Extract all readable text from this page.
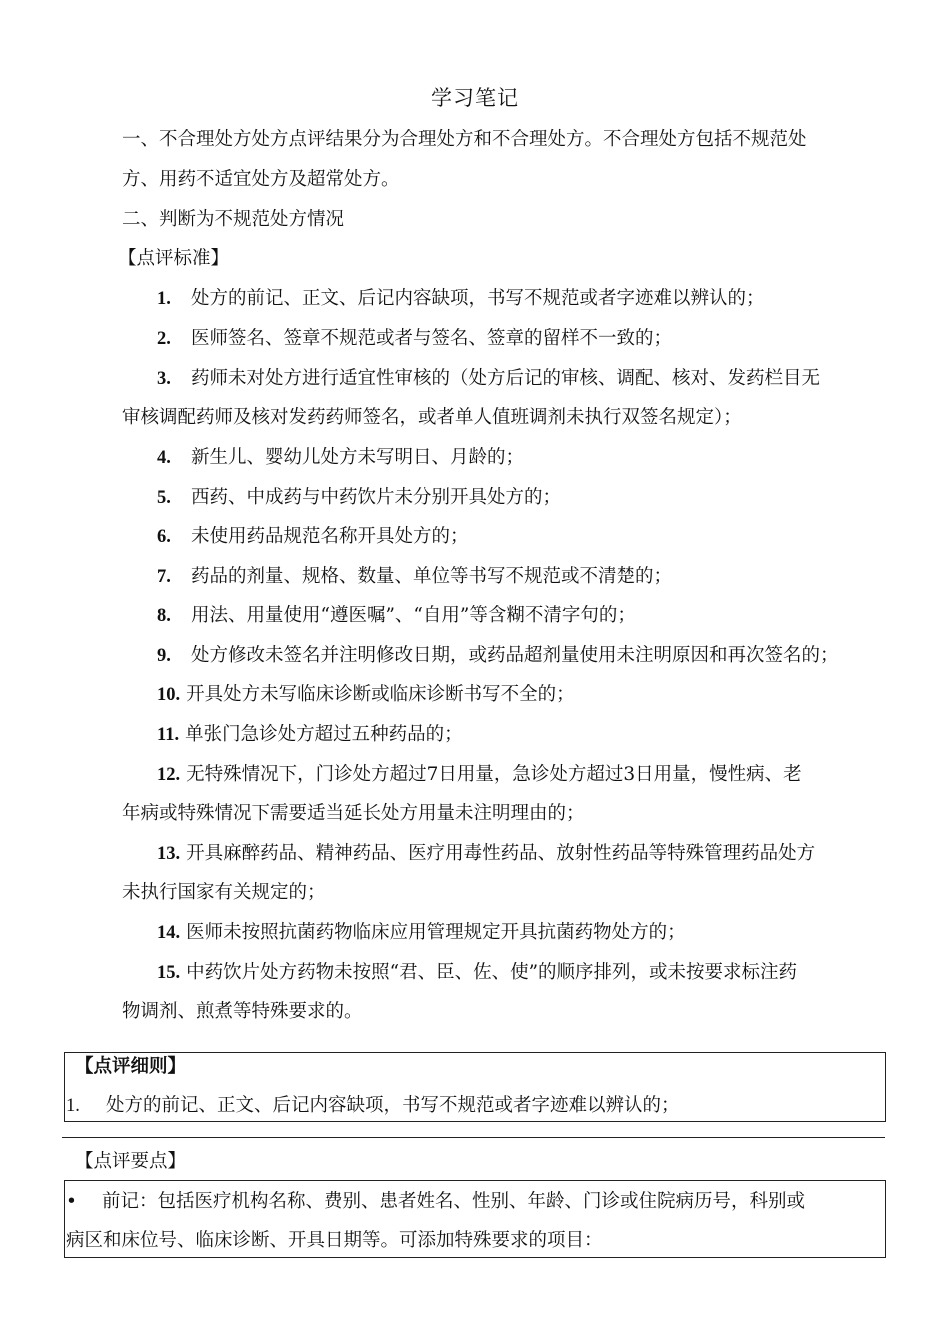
学习笔记
一、不合理处方处方点评结果分为合理处方和不合理处方。不合理处方包括不规范处
方、用药不适宜处方及超常处方。
二、判断为不规范处方情况
【点评标准】
1. 处方的前记、正文、后记内容缺项，书写不规范或者字迹难以辨认的；
2. 医师签名、签章不规范或者与签名、签章的留样不一致的；
3. 药师未对处方进行适宜性审核的（处方后记的审核、调配、核对、发药栏目无
审核调配药师及核对发药药师签名，或者单人值班调剂未执行双签名规定）；
4. 新生儿、婴幼儿处方未写明日、月龄的；
5. 西药、中成药与中药饮片未分别开具处方的；
6. 未使用药品规范名称开具处方的；
7. 药品的剂量、规格、数量、单位等书写不规范或不清楚的；
8. 用法、用量使用“遵医嘱”、“自用”等含糊不清字句的；
9. 处方修改未签名并注明修改日期，或药品超剂量使用未注明原因和再次签名的；
10. 开具处方未写临床诊断或临床诊断书写不全的；
11. 单张门急诊处方超过五种药品的；
12. 无特殊情况下，门诊处方超过7日用量，急诊处方超过3日用量，慢性病、老
年病或特殊情况下需要适当延长处方用量未注明理由的；
13. 开具麻醉药品、精神药品、医疗用毒性药品、放射性药品等特殊管理药品处方
未执行国家有关规定的；
14. 医师未按照抗菌药物临床应用管理规定开具抗菌药物处方的；
15. 中药饮片处方药物未按照“君、臣、佐、使”的顺序排列，或未按要求标注药
物调剂、煎煮等特殊要求的。
【点评细则】
1. 处方的前记、正文、后记内容缺项，书写不规范或者字迹难以辨认的；
【点评要点】
• 前记：包括医疗机构名称、费别、患者姓名、性别、年龄、门诊或住院病历号，科别或
病区和床位号、临床诊断、开具日期等。可添加特殊要求的项目：
